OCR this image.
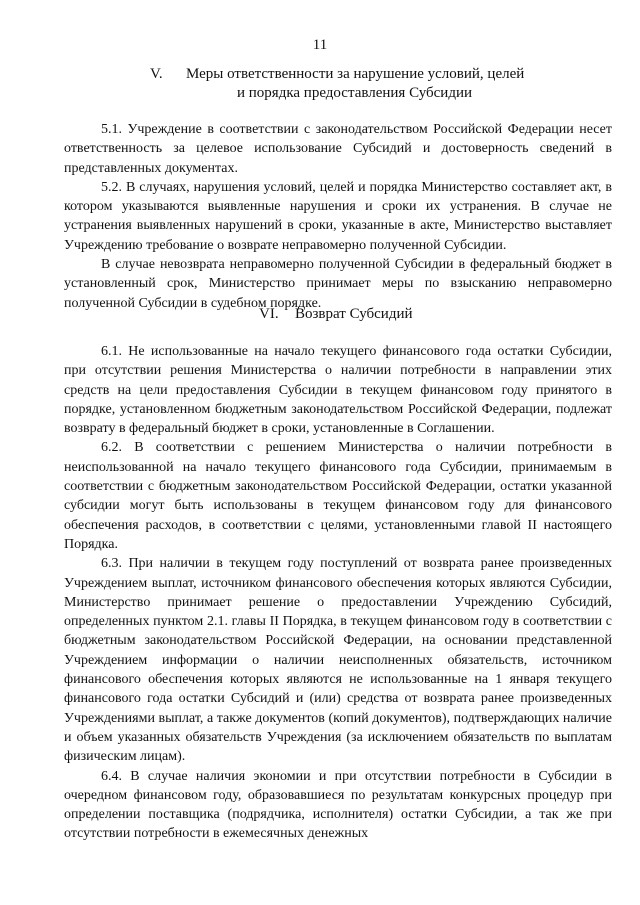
11
V. Меры ответственности за нарушение условий, целей
и порядка предоставления Субсидии

5.1. Учреждение в соответствии с законодательством Российской Федерации несет ответственность за целевое использование Субсидий и достоверность сведений в представленных документах.

5.2. В случаях, нарушения условий, целей и порядка Министерство составляет акт, в котором указываются выявленные нарушения и сроки их устранения. В случае не устранения выявленных нарушений в сроки, указанные в акте, Министерство выставляет Учреждению требование о возврате неправомерно полученной Субсидии.

В случае невозврата неправомерно полученной Субсидии в федеральный бюджет в установленный срок, Министерство принимает меры по взысканию неправомерно полученной Субсидии в судебном порядке.

VI. Возврат Субсидий

6.1. Не использованные на начало текущего финансового года остатки Субсидии, при отсутствии решения Министерства о наличии потребности в направлении этих средств на цели предоставления Субсидии в текущем финансовом году принятого в порядке, установленном бюджетным законодательством Российской Федерации, подлежат возврату в федеральный бюджет в сроки, установленные в Соглашении.

6.2. В соответствии с решением Министерства о наличии потребности в неиспользованной на начало текущего финансового года Субсидии, принимаемым в соответствии с бюджетным законодательством Российской Федерации, остатки указанной субсидии могут быть использованы в текущем финансовом году для финансового обеспечения расходов, в соответствии с целями, установленными главой II настоящего Порядка.

6.3. При наличии в текущем году поступлений от возврата ранее произведенных Учреждением выплат, источником финансового обеспечения которых являются Субсидии, Министерство принимает решение о предоставлении Учреждению Субсидий, определенных пунктом 2.1. главы II Порядка, в текущем финансовом году в соответствии с бюджетным законодательством Российской Федерации, на основании представленной Учреждением информации о наличии неисполненных обязательств, источником финансового обеспечения которых являются не использованные на 1 января текущего финансового года остатки Субсидий и (или) средства от возврата ранее произведенных Учреждениями выплат, а также документов (копий документов), подтверждающих наличие и объем указанных обязательств Учреждения (за исключением обязательств по выплатам физическим лицам).

6.4. В случае наличия экономии и при отсутствии потребности в Субсидии в очередном финансовом году, образовавшиеся по результатам конкурсных процедур при определении поставщика (подрядчика, исполнителя) остатки Субсидии, а так же при отсутствии потребности в ежемесячных денежных
